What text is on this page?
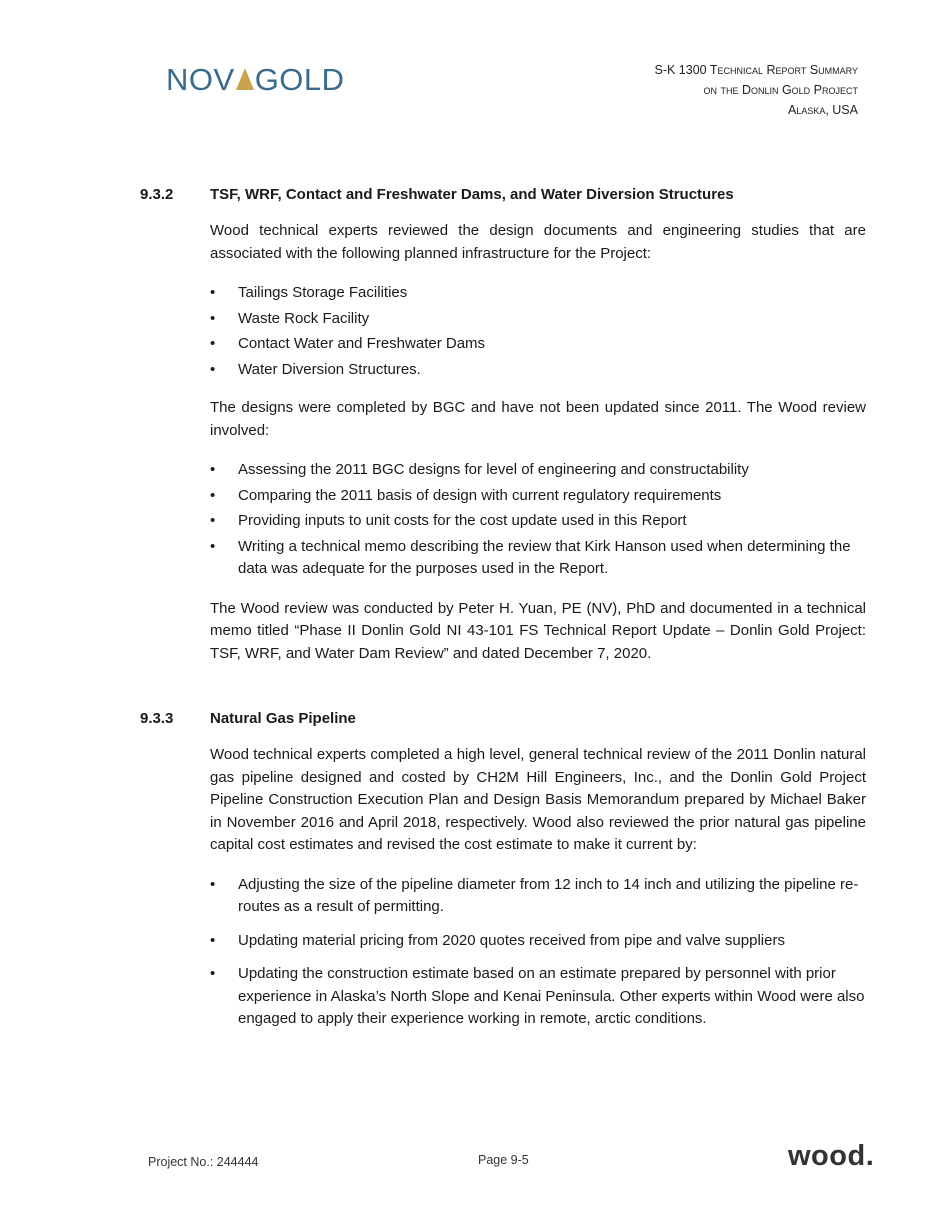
NOV GOLD	S-K 1300 Technical Report Summary
on the Donlin Gold Project
Alaska, USA
9.3.2	TSF, WRF, Contact and Freshwater Dams, and Water Diversion Structures
Wood technical experts reviewed the design documents and engineering studies that are associated with the following planned infrastructure for the Project:
• Tailings Storage Facilities
• Waste Rock Facility
• Contact Water and Freshwater Dams
• Water Diversion Structures.
The designs were completed by BGC and have not been updated since 2011. The Wood review involved:
• Assessing the 2011 BGC designs for level of engineering and constructability
• Comparing the 2011 basis of design with current regulatory requirements
• Providing inputs to unit costs for the cost update used in this Report
• Writing a technical memo describing the review that Kirk Hanson used when determining the data was adequate for the purposes used in the Report.
The Wood review was conducted by Peter H. Yuan, PE (NV), PhD and documented in a technical memo titled “Phase II Donlin Gold NI 43-101 FS Technical Report Update – Donlin Gold Project: TSF, WRF, and Water Dam Review” and dated December 7, 2020.
9.3.3	Natural Gas Pipeline
Wood technical experts completed a high level, general technical review of the 2011 Donlin natural gas pipeline designed and costed by CH2M Hill Engineers, Inc., and the Donlin Gold Project Pipeline Construction Execution Plan and Design Basis Memorandum prepared by Michael Baker in November 2016 and April 2018, respectively. Wood also reviewed the prior natural gas pipeline capital cost estimates and revised the cost estimate to make it current by:
• Adjusting the size of the pipeline diameter from 12 inch to 14 inch and utilizing the pipeline re-routes as a result of permitting.
• Updating material pricing from 2020 quotes received from pipe and valve suppliers
• Updating the construction estimate based on an estimate prepared by personnel with prior experience in Alaska’s North Slope and Kenai Peninsula. Other experts within Wood were also engaged to apply their experience working in remote, arctic conditions.
Project No.: 244444	Page 9-5	wood.
